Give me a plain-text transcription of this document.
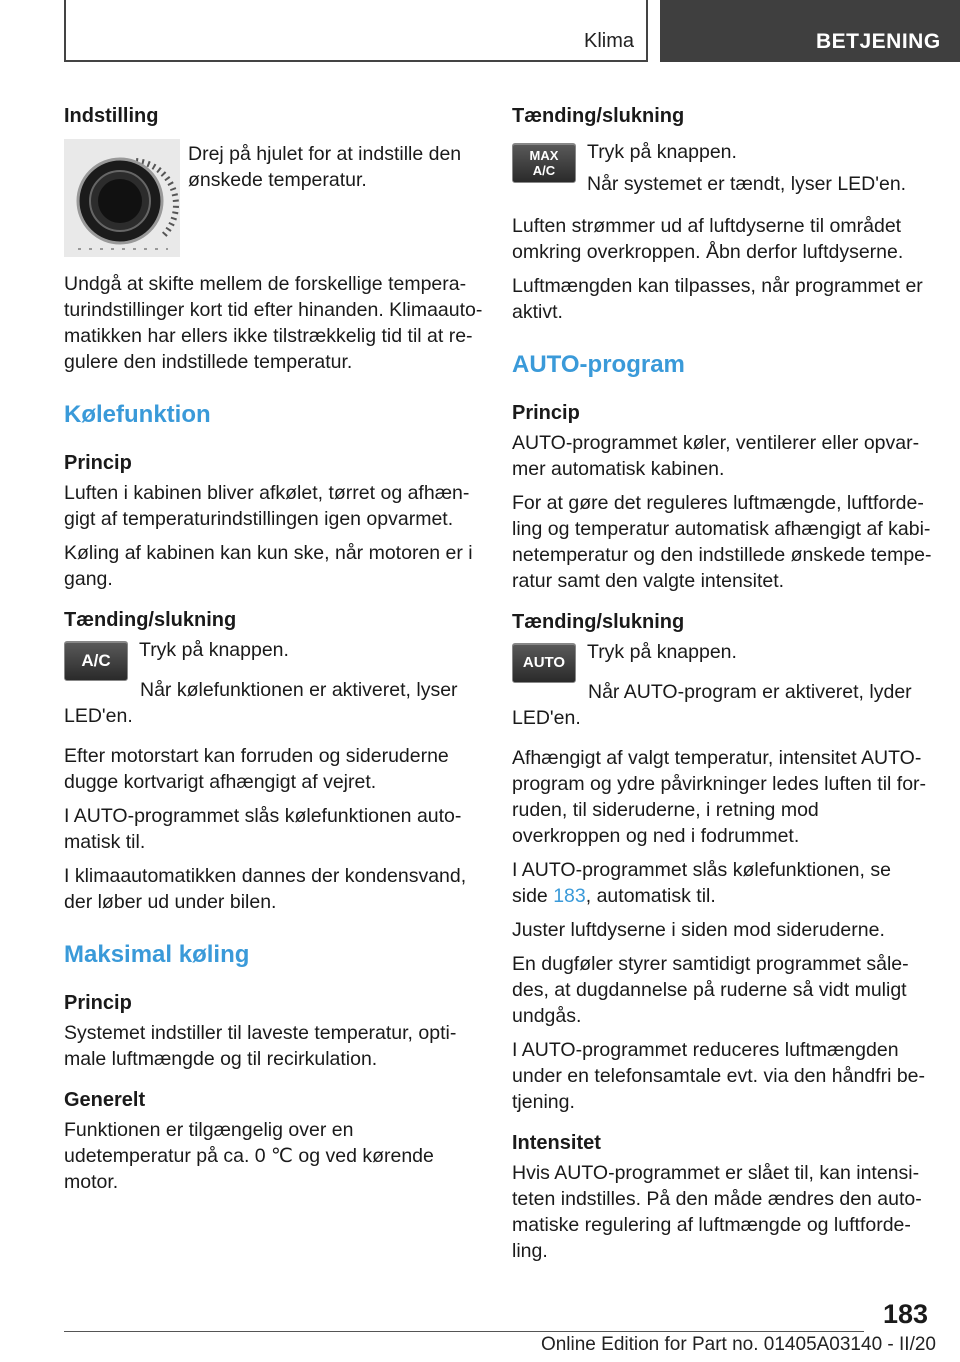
Klima	BETJENING

Indstilling

Drej på hjulet for at indstille den ønskede temperatur.

Undgå at skifte mellem de forskellige temperaturindstillinger kort tid efter hinanden. Klimaautomatikken har ellers ikke tilstrækkelig tid til at regulere den indstillede temperatur.

Kølefunktion

Princip

Luften i kabinen bliver afkølet, tørret og afhængigt af temperaturindstillingen igen opvarmet.

Køling af kabinen kan kun ske, når motoren er i gang.

Tænding/slukning

A/C	Tryk på knappen.

Når kølefunktionen er aktiveret, lyser LED'en.

Efter motorstart kan forruden og sideruderne dugge kortvarigt afhængigt af vejret.

I AUTO-programmet slås kølefunktionen automatisk til.

I klimaautomatikken dannes der kondensvand, der løber ud under bilen.

Maksimal køling

Princip

Systemet indstiller til laveste temperatur, optimale luftmængde og til recirkulation.

Generelt

Funktionen er tilgængelig over en udetemperatur på ca. 0 ℃ og ved kørende motor.

Tænding/slukning

MAX
A/C

Tryk på knappen.

Når systemet er tændt, lyser LED'en.

Luften strømmer ud af luftdyserne til området omkring overkroppen. Åbn derfor luftdyserne.

Luftmængden kan tilpasses, når programmet er aktivt.

AUTO-program

Princip

AUTO-programmet køler, ventilerer eller opvarmer automatisk kabinen.

For at gøre det reguleres luftmængde, luftfordeling og temperatur automatisk afhængigt af kabinetemperatur og den indstillede ønskede temperatur samt den valgte intensitet.

Tænding/slukning

AUTO	Tryk på knappen.

Når AUTO-program er aktiveret, lyder LED'en.

Afhængigt af valgt temperatur, intensitet AUTO-program og ydre påvirkninger ledes luften til forruden, til sideruderne, i retning mod overkroppen og ned i fodrummet.

I AUTO-programmet slås kølefunktionen, se side 183, automatisk til.

Juster luftdyserne i siden mod sideruderne.

En dugføler styrer samtidigt programmet således, at dugdannelse på ruderne så vidt muligt undgås.

I AUTO-programmet reduceres luftmængden under en telefonsamtale evt. via den håndfri betjening.

Intensitet

Hvis AUTO-programmet er slået til, kan intensiteten indstilles. På den måde ændres den automatiske regulering af luftmængde og luftfordeling.

183
Online Edition for Part no. 01405A03140 - II/20
